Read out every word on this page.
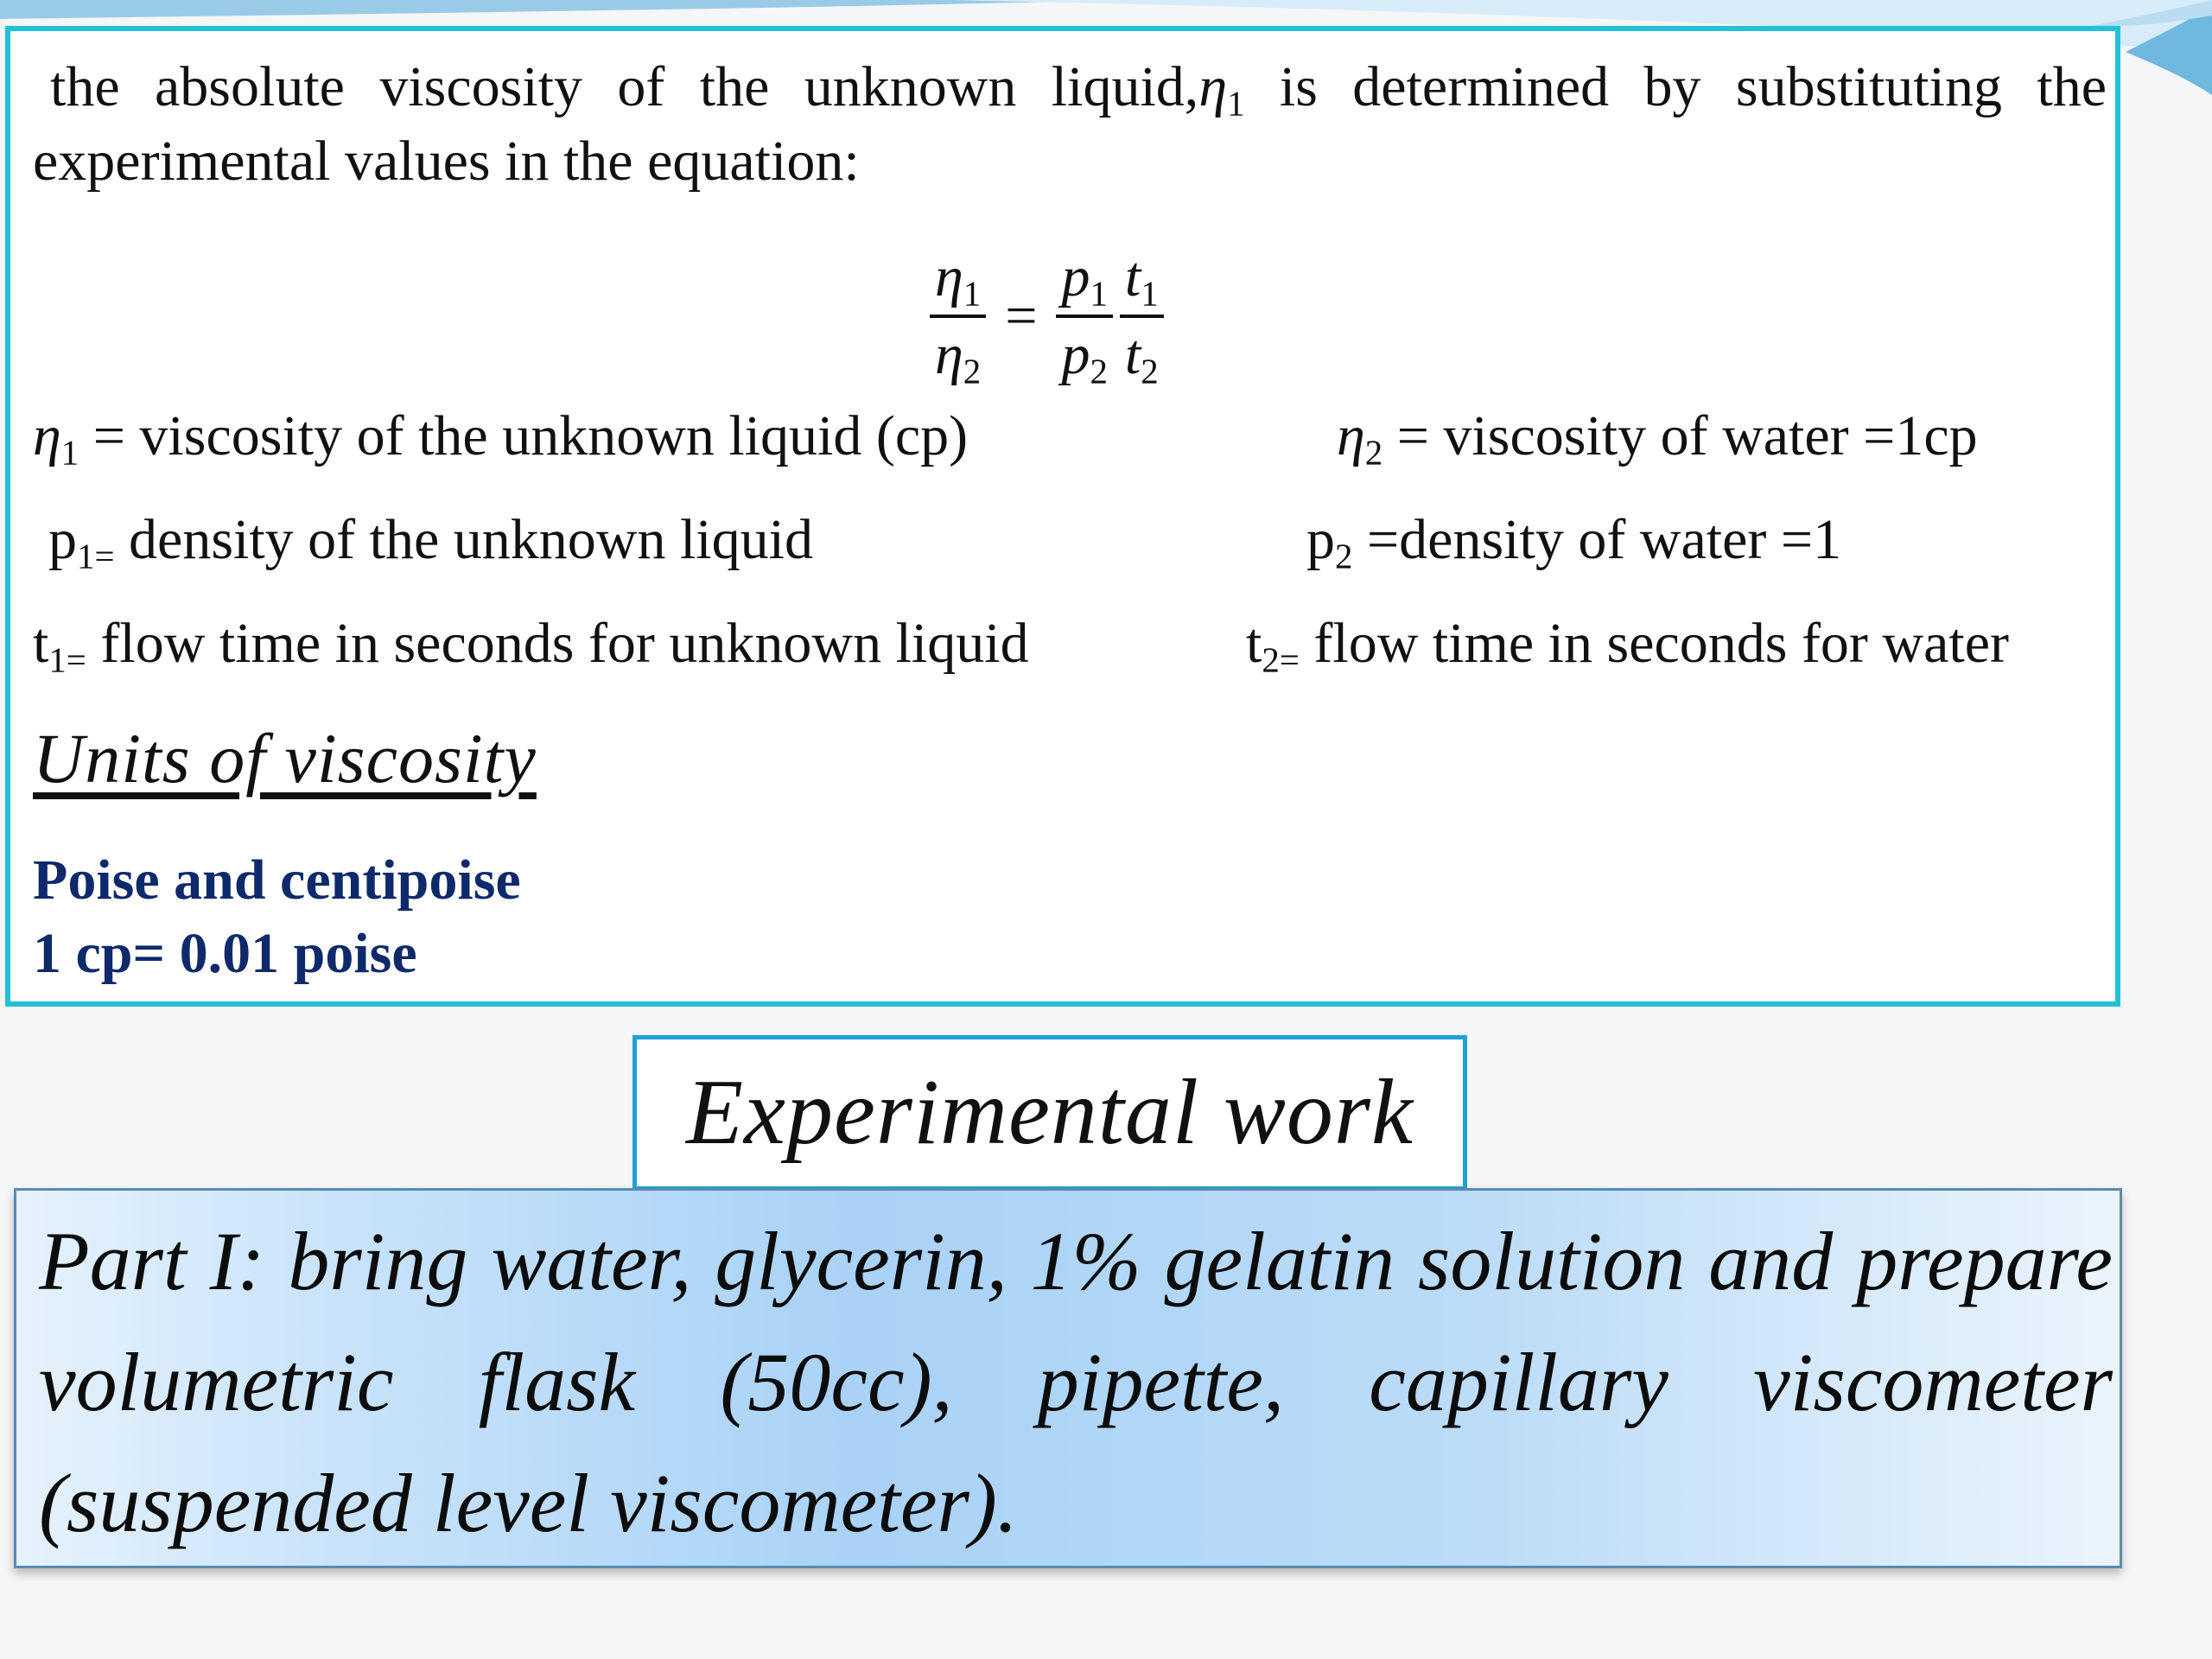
the absolute viscosity of the unknown $liquid,\eta_1$ is determined by substituting the
experimental values in the equation:
$\frac{\eta_1}{\eta_2} = \frac{p_1}{p_2} \frac{t_1}{t_2}$
$\eta_1$ = viscosity of the unknown liquid (cp)	$\eta_2$ = viscosity of water =1cp
$p_{1=}$ density of the unknown liquid	$p_2$ =density of water =1
$t_{1=}$ flow time in seconds for unknown liquid	$t_{2=}$ flow time in seconds for water
Units of viscosity
Poise and centipoise
1 cp= 0.01 poise
Experimental work
Part I: bring water, glycerin, 1% gelatin solution and prepare volumetric flask (50cc), pipette, capillary viscometer (suspended level viscometer).
